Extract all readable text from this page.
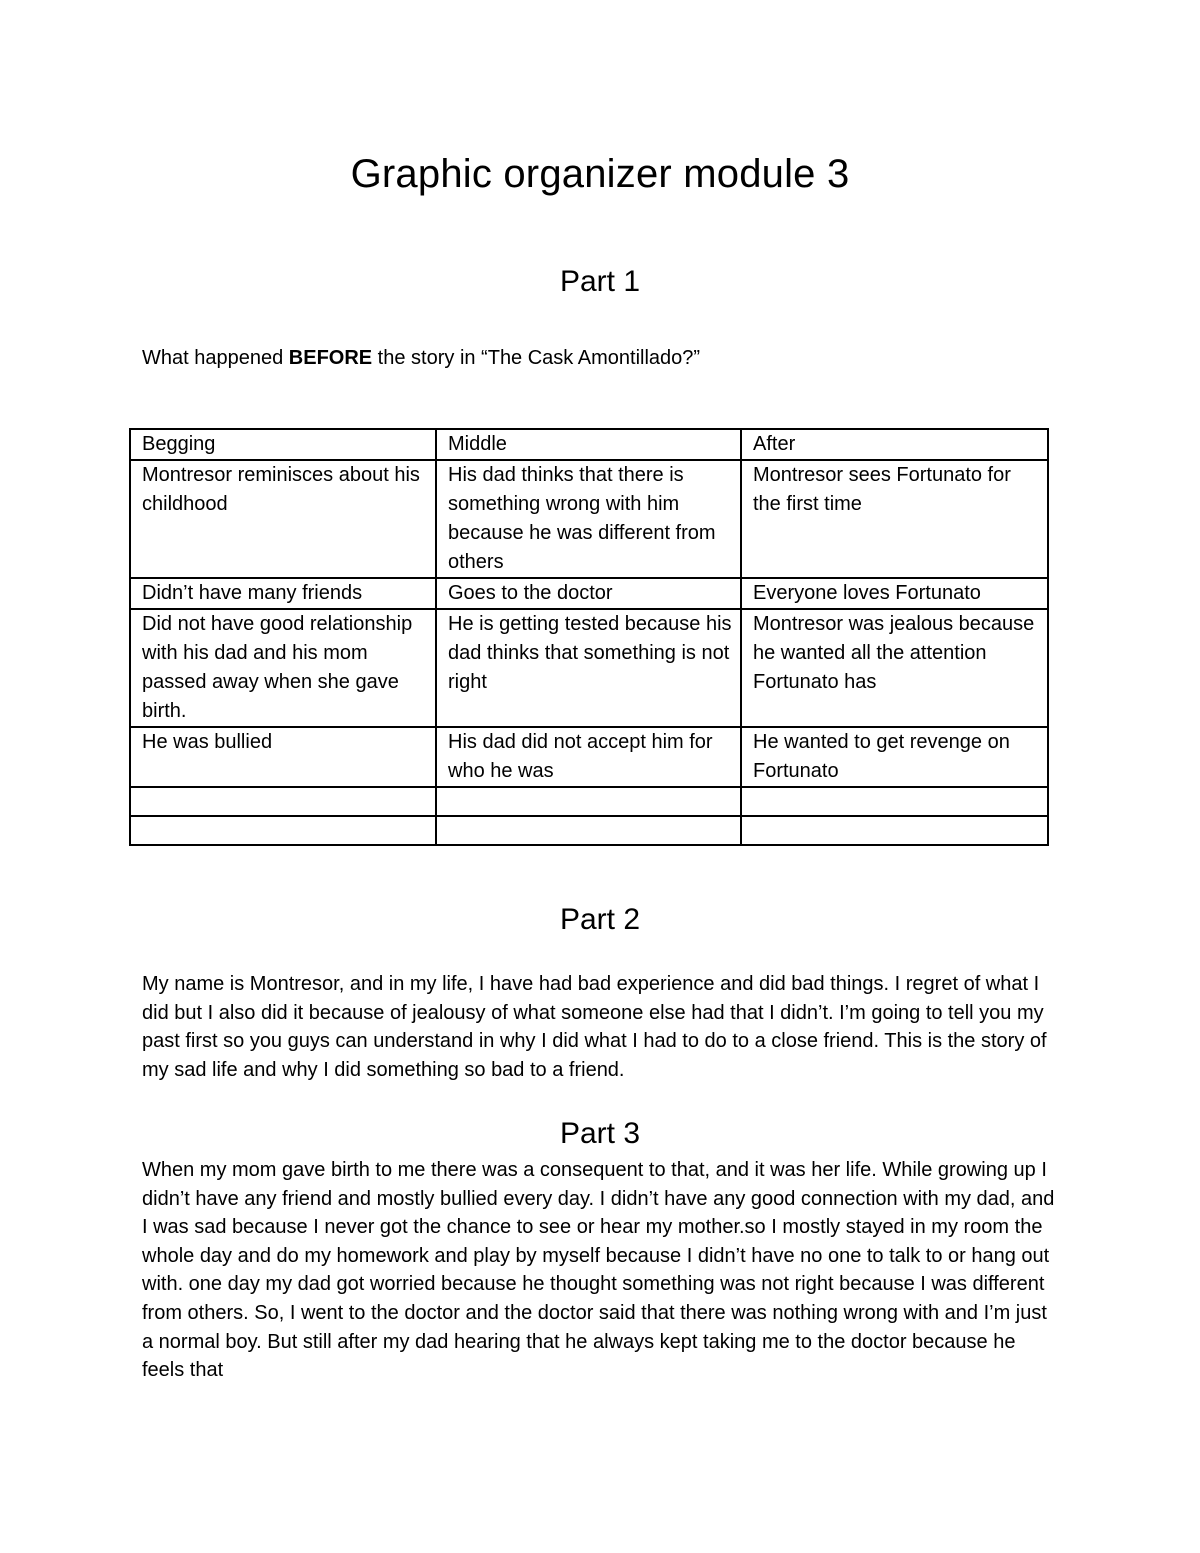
Graphic organizer module 3
Part 1

What happened BEFORE the story in “The Cask Amontillado?”

Begging	Middle	After
Montresor reminisces about his childhood	His dad thinks that there is something wrong with him because he was different from others	Montresor sees Fortunato for the first time
Didn’t have many friends	Goes to the doctor	Everyone loves Fortunato
Did not have good relationship with his dad and his mom passed away when she gave birth.	He is getting tested because his dad thinks that something is not right	Montresor was jealous because he wanted all the attention Fortunato has
He was bullied	His dad did not accept him for who he was	He wanted to get revenge on Fortunato

Part 2

My name is Montresor, and in my life, I have had bad experience and did bad things. I regret of what I did but I also did it because of jealousy of what someone else had that I didn’t. I’m going to tell you my past first so you guys can understand in why I did what I had to do to a close friend. This is the story of my sad life and why I did something so bad to a friend.

Part 3

When my mom gave birth to me there was a consequent to that, and it was her life. While growing up I didn’t have any friend and mostly bullied every day. I didn’t have any good connection with my dad, and I was sad because I never got the chance to see or hear my mother.so I mostly stayed in my room the whole day and do my homework and play by myself because I didn’t have no one to talk to or hang out with. one day my dad got worried because he thought something was not right because I was different from others. So, I went to the doctor and the doctor said that there was nothing wrong with and I’m just a normal boy. But still after my dad hearing that he always kept taking me to the doctor because he feels that
